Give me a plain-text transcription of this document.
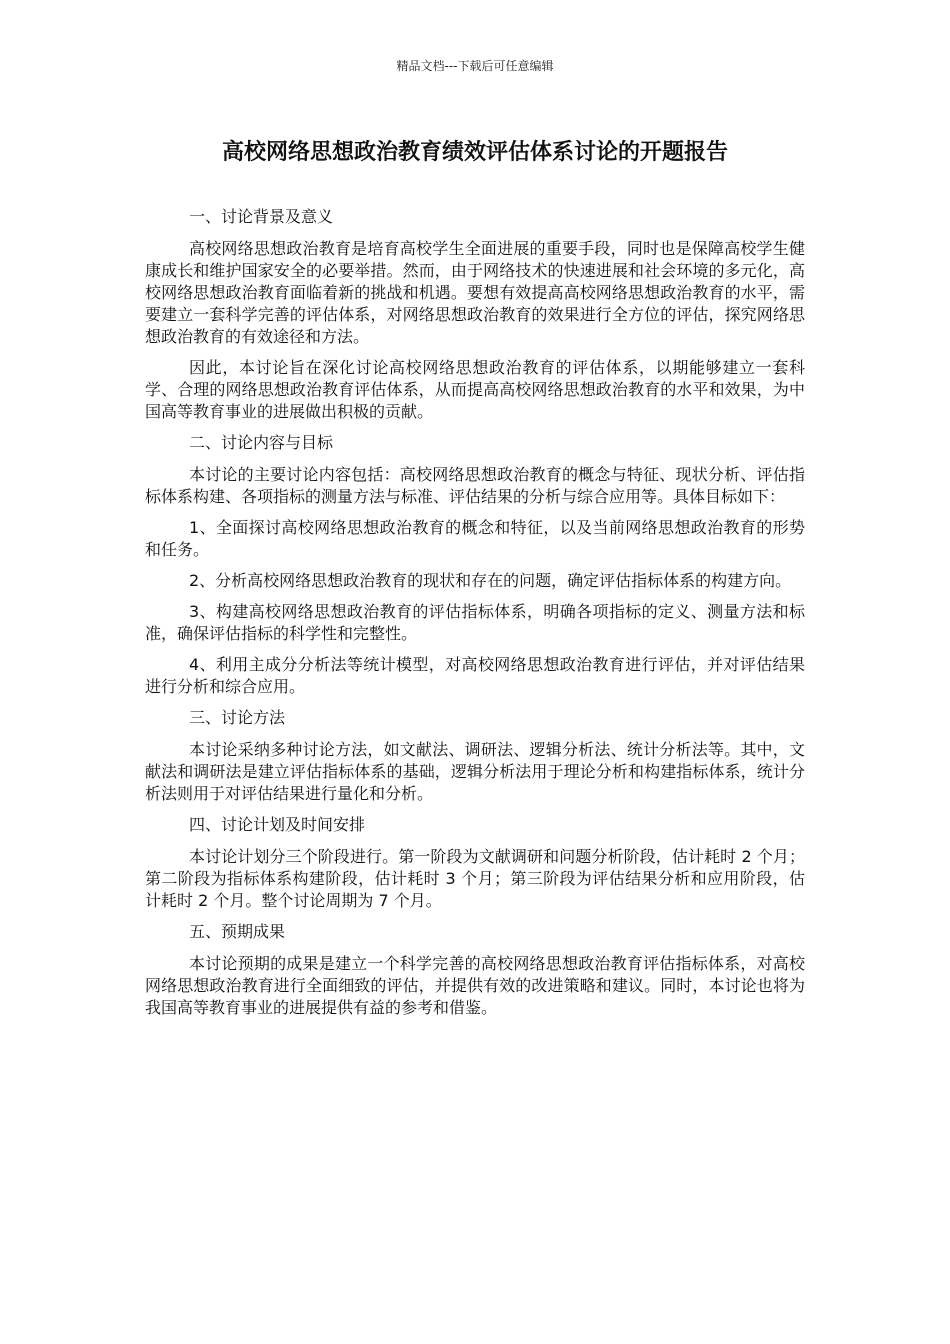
精品文档---下载后可任意编辑
高校网络思想政治教育绩效评估体系讨论的开题报告

一、讨论背景及意义

高校网络思想政治教育是培育高校学生全面进展的重要手段，同时也是保障高校学生健康成长和维护国家安全的必要举措。然而，由于网络技术的快速进展和社会环境的多元化，高校网络思想政治教育面临着新的挑战和机遇。要想有效提高高校网络思想政治教育的水平，需要建立一套科学完善的评估体系，对网络思想政治教育的效果进行全方位的评估，探究网络思想政治教育的有效途径和方法。

因此，本讨论旨在深化讨论高校网络思想政治教育的评估体系，以期能够建立一套科学、合理的网络思想政治教育评估体系，从而提高高校网络思想政治教育的水平和效果，为中国高等教育事业的进展做出积极的贡献。

二、讨论内容与目标

本讨论的主要讨论内容包括：高校网络思想政治教育的概念与特征、现状分析、评估指标体系构建、各项指标的测量方法与标准、评估结果的分析与综合应用等。具体目标如下：

1、全面探讨高校网络思想政治教育的概念和特征，以及当前网络思想政治教育的形势和任务。

2、分析高校网络思想政治教育的现状和存在的问题，确定评估指标体系的构建方向。

3、构建高校网络思想政治教育的评估指标体系，明确各项指标的定义、测量方法和标准，确保评估指标的科学性和完整性。

4、利用主成分分析法等统计模型，对高校网络思想政治教育进行评估，并对评估结果进行分析和综合应用。

三、讨论方法

本讨论采纳多种讨论方法，如文献法、调研法、逻辑分析法、统计分析法等。其中，文献法和调研法是建立评估指标体系的基础，逻辑分析法用于理论分析和构建指标体系，统计分析法则用于对评估结果进行量化和分析。

四、讨论计划及时间安排

本讨论计划分三个阶段进行。第一阶段为文献调研和问题分析阶段，估计耗时 2 个月；第二阶段为指标体系构建阶段，估计耗时 3 个月；第三阶段为评估结果分析和应用阶段，估计耗时 2 个月。整个讨论周期为 7 个月。

五、预期成果

本讨论预期的成果是建立一个科学完善的高校网络思想政治教育评估指标体系，对高校网络思想政治教育进行全面细致的评估，并提供有效的改进策略和建议。同时，本讨论也将为我国高等教育事业的进展提供有益的参考和借鉴。
